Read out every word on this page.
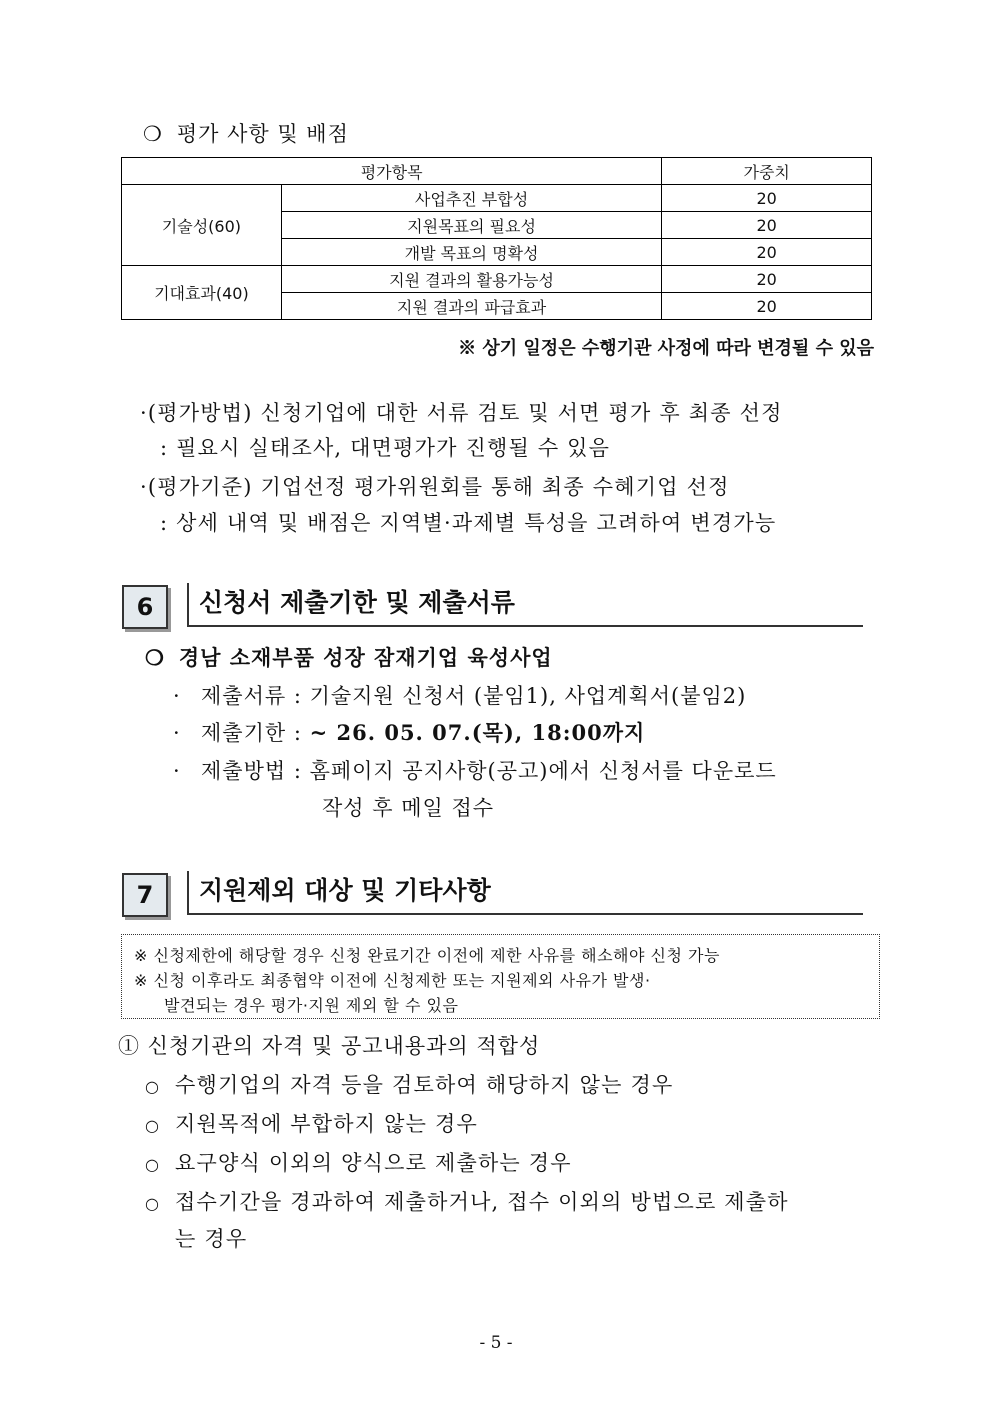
❍ 평가 사항 및 배점
평가항목		가중치
기술성(60)	사업추진 부합성	20
	지원목표의 필요성	20
	개발 목표의 명확성	20
기대효과(40)	지원 결과의 활용가능성	20
	지원 결과의 파급효과	20
※ 상기 일정은 수행기관 사정에 따라 변경될 수 있음
·(평가방법) 신청기업에 대한 서류 검토 및 서면 평가 후 최종 선정
: 필요시 실태조사, 대면평가가 진행될 수 있음
·(평가기준) 기업선정 평가위원회를 통해 최종 수혜기업 선정
: 상세 내역 및 배점은 지역별·과제별 특성을 고려하여 변경가능
6	신청서 제출기한 및 제출서류
❍ 경남 소재부품 성장 잠재기업 육성사업
· 제출서류 : 기술지원 신청서 (붙임1), 사업계획서(붙임2)
· 제출기한 : ~ 26. 05. 07.(목), 18:00까지
· 제출방법 : 홈페이지 공지사항(공고)에서 신청서를 다운로드
작성 후 메일 접수
7	지원제외 대상 및 기타사항
※ 신청제한에 해당할 경우 신청 완료기간 이전에 제한 사유를 해소해야 신청 가능
※ 신청 이후라도 최종협약 이전에 신청제한 또는 지원제외 사유가 발생·
발견되는 경우 평가·지원 제외 할 수 있음
① 신청기관의 자격 및 공고내용과의 적합성
○ 수행기업의 자격 등을 검토하여 해당하지 않는 경우
○ 지원목적에 부합하지 않는 경우
○ 요구양식 이외의 양식으로 제출하는 경우
○ 접수기간을 경과하여 제출하거나, 접수 이외의 방법으로 제출하
는 경우
- 5 -
